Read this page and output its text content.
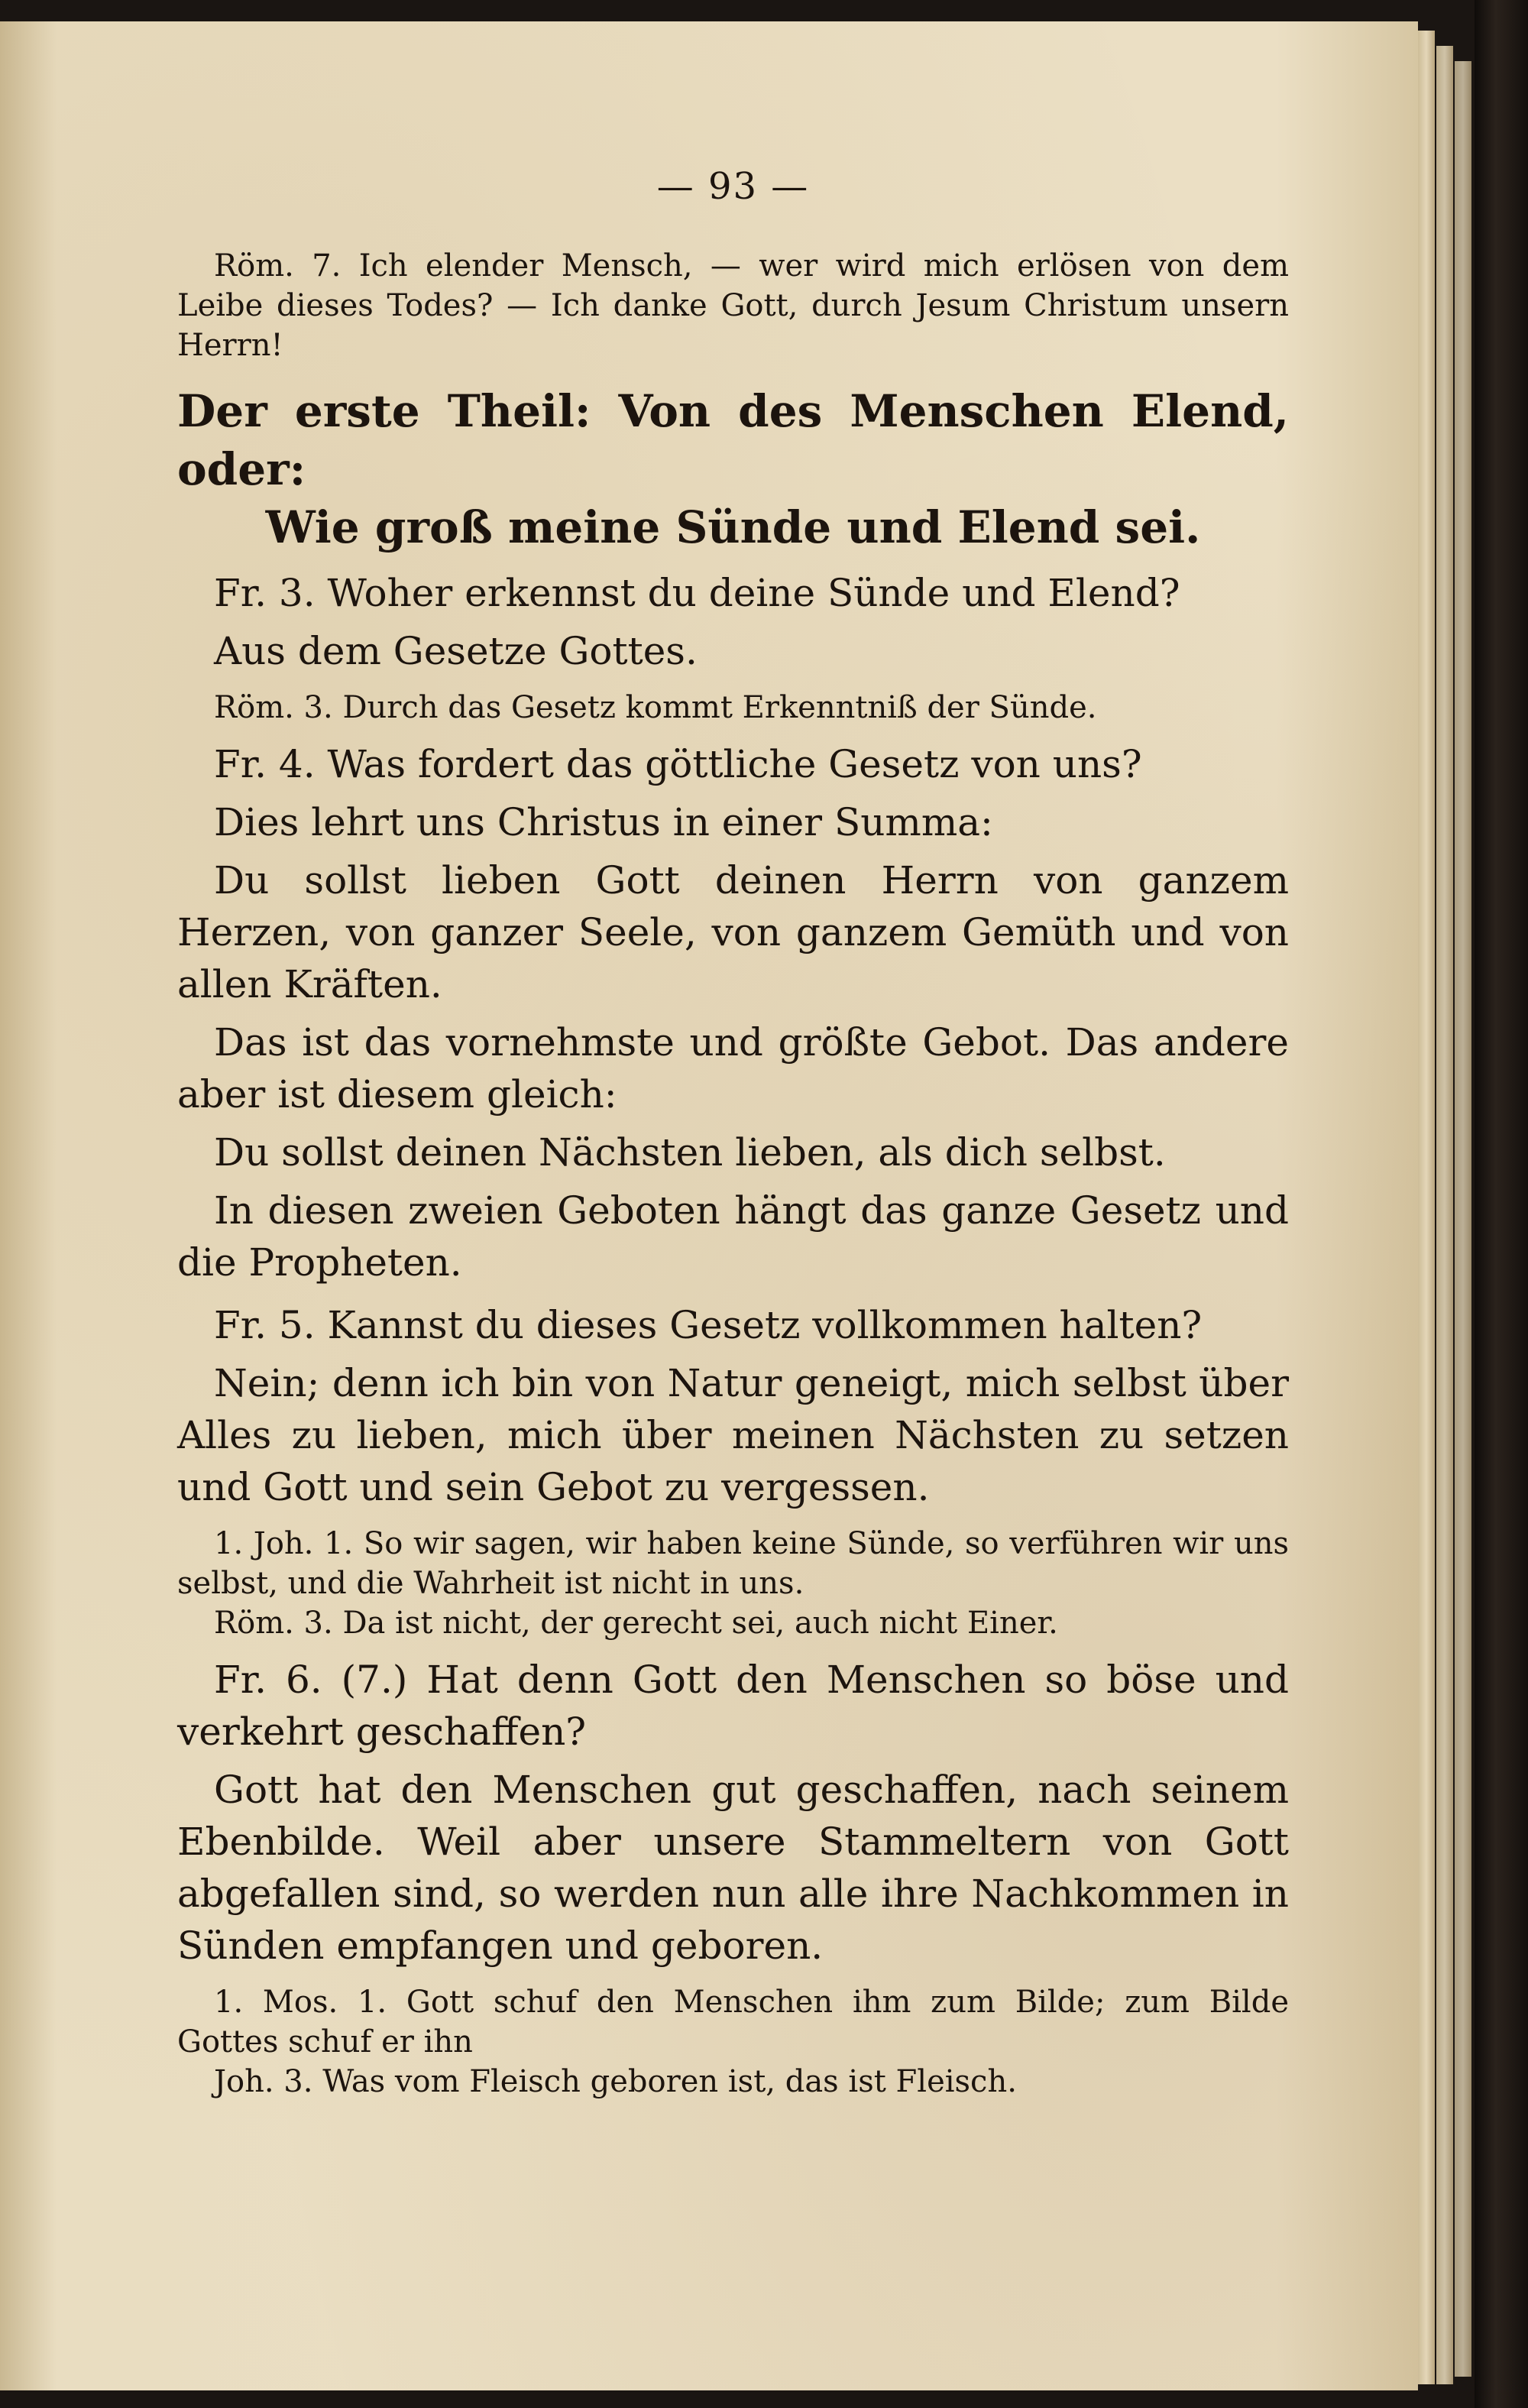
— 93 —

Röm. 7. Ich elender Mensch, — wer wird mich erlösen von dem Leibe dieses Todes? — Ich danke Gott, durch Jesum Christum unsern Herrn!

Der erste Theil: Von des Menschen Elend, oder:
Wie groß meine Sünde und Elend sei.

Fr. 3. Woher erkennst du deine Sünde und Elend?

Aus dem Gesetze Gottes.

Röm. 3. Durch das Gesetz kommt Erkenntniß der Sünde.

Fr. 4. Was fordert das göttliche Gesetz von uns?

Dies lehrt uns Christus in einer Summa:

Du sollst lieben Gott deinen Herrn von ganzem Herzen, von ganzer Seele, von ganzem Gemüth und von allen Kräften.

Das ist das vornehmste und größte Gebot. Das andere aber ist diesem gleich:

Du sollst deinen Nächsten lieben, als dich selbst.

In diesen zweien Geboten hängt das ganze Gesetz und die Propheten.

Fr. 5. Kannst du dieses Gesetz vollkommen halten?

Nein; denn ich bin von Natur geneigt, mich selbst über Alles zu lieben, mich über meinen Nächsten zu setzen und Gott und sein Gebot zu vergessen.

1. Joh. 1. So wir sagen, wir haben keine Sünde, so verführen wir uns selbst, und die Wahrheit ist nicht in uns.

Röm. 3. Da ist nicht, der gerecht sei, auch nicht Einer.

Fr. 6. (7.) Hat denn Gott den Menschen so böse und verkehrt geschaffen?

Gott hat den Menschen gut geschaffen, nach seinem Ebenbilde. Weil aber unsere Stammeltern von Gott abgefallen sind, so werden nun alle ihre Nachkommen in Sünden empfangen und geboren.

1. Mos. 1. Gott schuf den Menschen ihm zum Bilde; zum Bilde Gottes schuf er ihn

Joh. 3. Was vom Fleisch geboren ist, das ist Fleisch.
